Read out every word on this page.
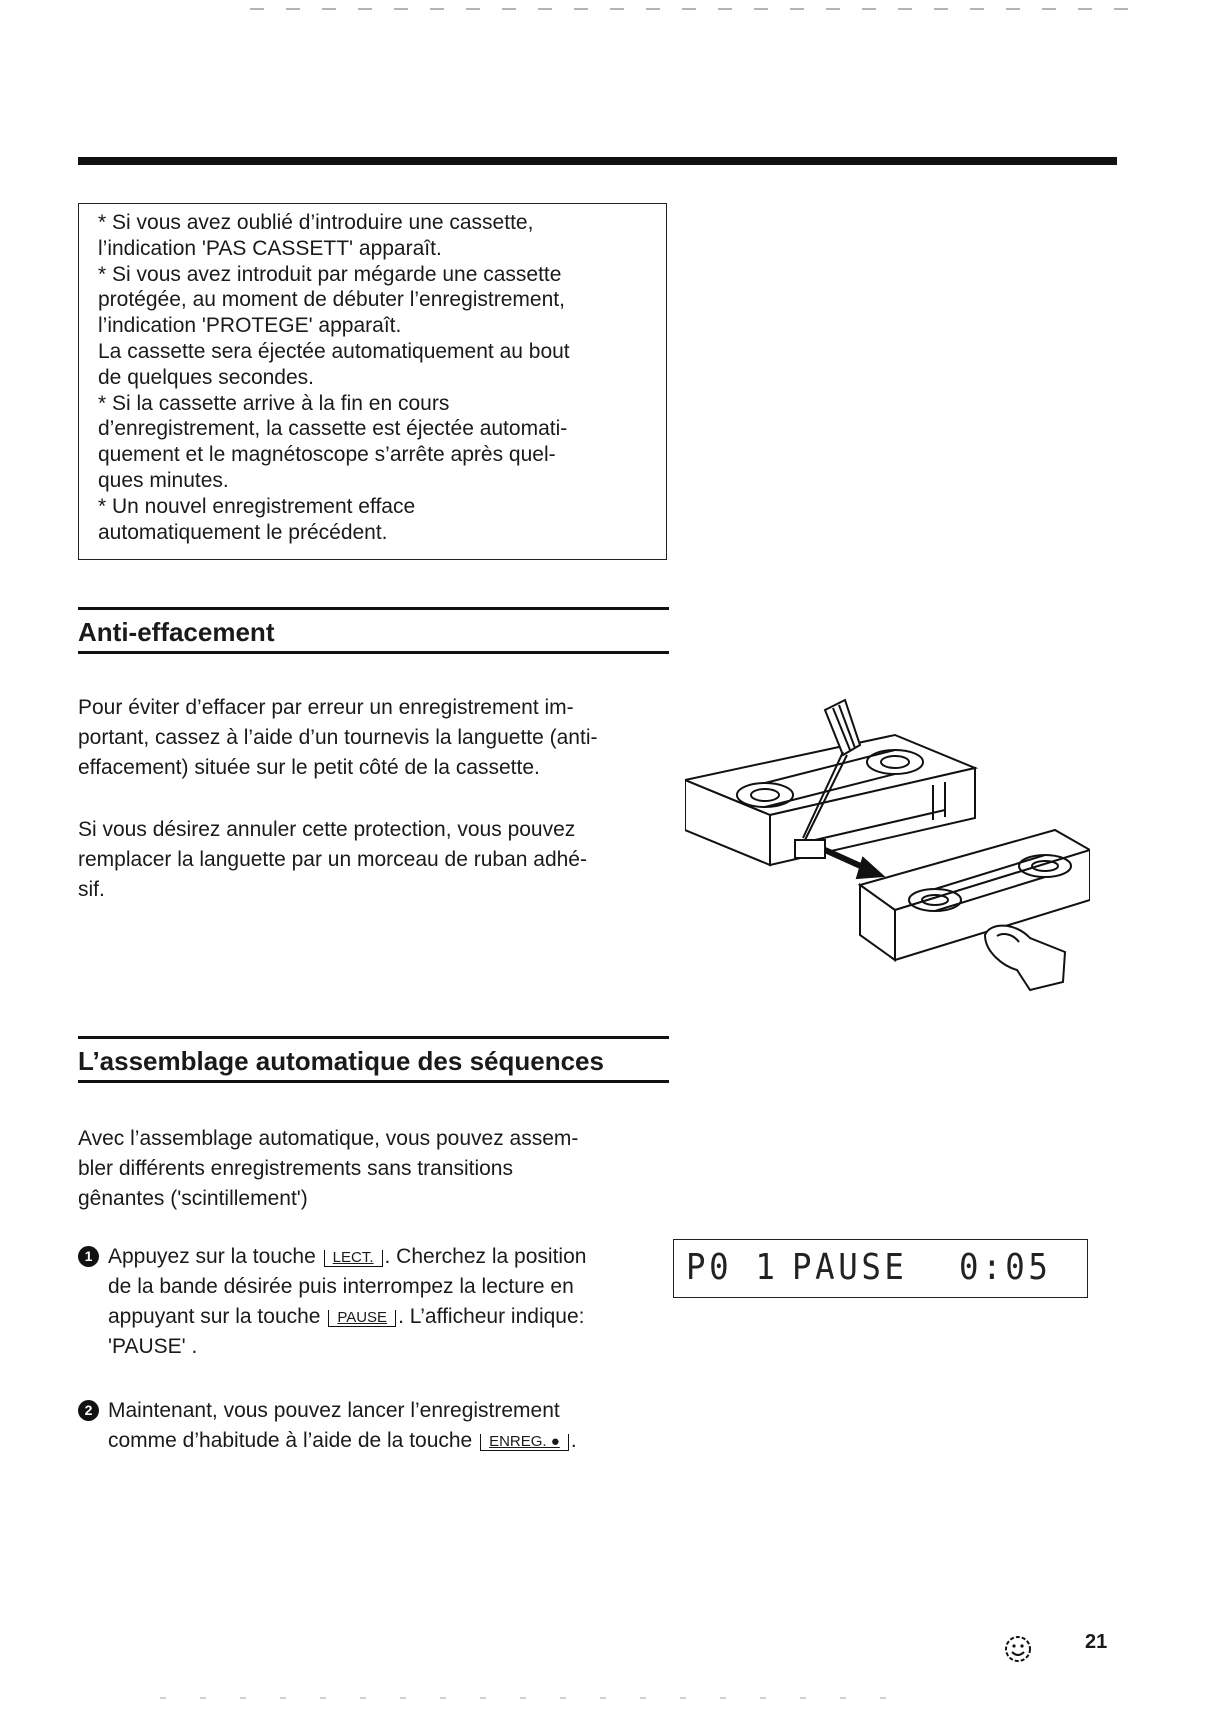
* Si vous avez oublié d’introduire une cassette,
l’indication 'PAS CASSETT' apparaît.
* Si vous avez introduit par mégarde une cassette
protégée, au moment de débuter l’enregistrement,
l’indication 'PROTEGE' apparaît.
La cassette sera éjectée automatiquement au bout
de quelques secondes.
* Si la cassette arrive à la fin en cours
d’enregistrement, la cassette est éjectée automati-
quement et le magnétoscope s’arrête après quel-
ques minutes.
* Un nouvel enregistrement efface
automatiquement le précédent.
Anti-effacement
Pour éviter d’effacer par erreur un enregistrement im-
portant, cassez à l’aide d’un tournevis la languette (anti-
effacement) située sur le petit côté de la cassette.
Si vous désirez annuler cette protection, vous pouvez
remplacer la languette par un morceau de ruban adhé-
sif.
L’assemblage automatique des séquences
Avec l’assemblage automatique, vous pouvez assem-
bler différents enregistrements sans transitions
gênantes ('scintillement')
1 Appuyez sur la touche LECT. . Cherchez la position
de la bande désirée puis interrompez la lecture en
appuyant sur la touche PAUSE . L’afficheur indique:
'PAUSE' .
2 Maintenant, vous pouvez lancer l’enregistrement
comme d’habitude à l’aide de la touche ENREG. ● .
P0 1 PAUSE 0:05
21
